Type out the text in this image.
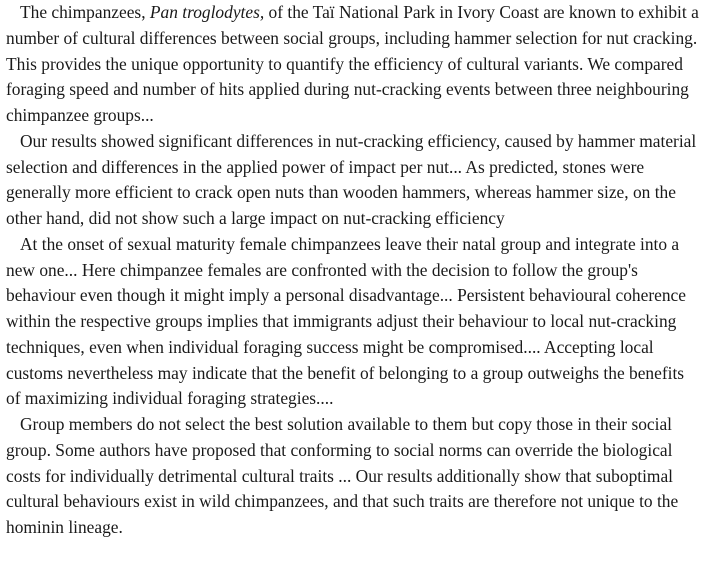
The chimpanzees, Pan troglodytes, of the Taï National Park in Ivory Coast are known to exhibit a number of cultural differences between social groups, including hammer selection for nut cracking. This provides the unique opportunity to quantify the efficiency of cultural variants. We compared foraging speed and number of hits applied during nut-cracking events between three neighbouring chimpanzee groups...

Our results showed significant differences in nut-cracking efficiency, caused by hammer material selection and differences in the applied power of impact per nut... As predicted, stones were generally more efficient to crack open nuts than wooden hammers, whereas hammer size, on the other hand, did not show such a large impact on nut-cracking efficiency

At the onset of sexual maturity female chimpanzees leave their natal group and integrate into a new one... Here chimpanzee females are confronted with the decision to follow the group's behaviour even though it might imply a personal disadvantage... Persistent behavioural coherence within the respective groups implies that immigrants adjust their behaviour to local nut-cracking techniques, even when individual foraging success might be compromised.... Accepting local customs nevertheless may indicate that the benefit of belonging to a group outweighs the benefits of maximizing individual foraging strategies....

Group members do not select the best solution available to them but copy those in their social group. Some authors have proposed that conforming to social norms can override the biological costs for individually detrimental cultural traits ... Our results additionally show that suboptimal cultural behaviours exist in wild chimpanzees, and that such traits are therefore not unique to the hominin lineage.
